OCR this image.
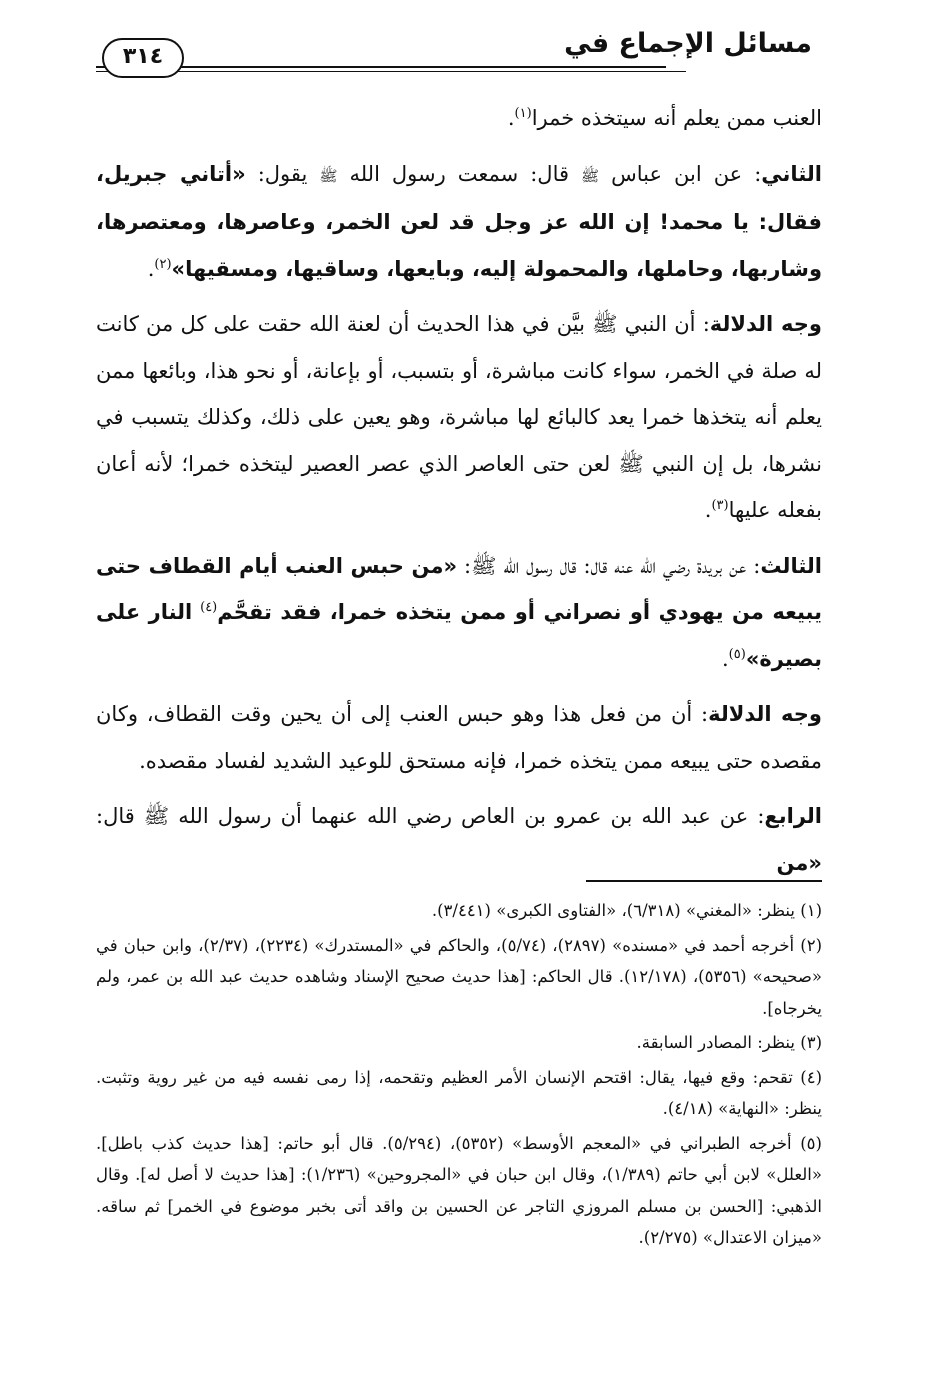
مسائل الإجماع في
٣١٤

العنب ممن يعلم أنه سيتخذه خمرا$^{(١)}$.

الثاني: عن ابن عباس ﷺ قال: سمعت رسول الله ﷺ يقول: «أتاني جبريل، فقال: يا محمد! إن الله عز وجل قد لعن الخمر، وعاصرها، ومعتصرها، وشاربها، وحاملها، والمحمولة إليه، وبايعها، وساقيها، ومسقيها»$^{(٢)}$.

وجه الدلالة: أن النبي ﷺ بيَّن في هذا الحديث أن لعنة الله حقت على كل من كانت له صلة في الخمر، سواء كانت مباشرة، أو بتسبب، أو بإعانة، أو نحو هذا، وبائعها ممن يعلم أنه يتخذها خمرا يعد كالبائع لها مباشرة، وهو يعين على ذلك، وكذلك يتسبب في نشرها، بل إن النبي ﷺ لعن حتى العاصر الذي عصر العصير ليتخذه خمرا؛ لأنه أعان بفعله عليها$^{(٣)}$.

الثالث: عن بريدة رضي الله عنه قال: قال رسول الله ﷺ: «من حبس العنب أيام القطاف حتى يبيعه من يهودي أو نصراني أو ممن يتخذه خمرا، فقد تقحَّم$^{(٤)}$ النار على بصيرة»$^{(٥)}$.

وجه الدلالة: أن من فعل هذا وهو حبس العنب إلى أن يحين وقت القطاف، وكان مقصده حتى يبيعه ممن يتخذه خمرا، فإنه مستحق للوعيد الشديد لفساد مقصده.

الرابع: عن عبد الله بن عمرو بن العاص رضي الله عنهما أن رسول الله ﷺ قال: «من

(١) ينظر: «المغني» (٦/٣١٨)، «الفتاوى الكبرى» (٣/٤٤١).

(٢) أخرجه أحمد في «مسنده» (٢٨٩٧)، (٥/٧٤)، والحاكم في «المستدرك» (٢٢٣٤)، (٢/٣٧)، وابن حبان في «صحيحه» (٥٣٥٦)، (١٢/١٧٨). قال الحاكم: [هذا حديث صحيح الإسناد وشاهده حديث عبد الله بن عمر، ولم يخرجاه].

(٣) ينظر: المصادر السابقة.

(٤) تقحم: وقع فيها، يقال: اقتحم الإنسان الأمر العظيم وتقحمه، إذا رمى نفسه فيه من غير روية وتثبت. ينظر: «النهاية» (٤/١٨).

(٥) أخرجه الطبراني في «المعجم الأوسط» (٥٣٥٢)، (٥/٢٩٤). قال أبو حاتم: [هذا حديث كذب باطل]. «العلل» لابن أبي حاتم (١/٣٨٩)، وقال ابن حبان في «المجروحين» (١/٢٣٦): [هذا حديث لا أصل له]. وقال الذهبي: [الحسن بن مسلم المروزي التاجر عن الحسين بن واقد أتى بخبر موضوع في الخمر] ثم ساقه. «ميزان الاعتدال» (٢/٢٧٥).
